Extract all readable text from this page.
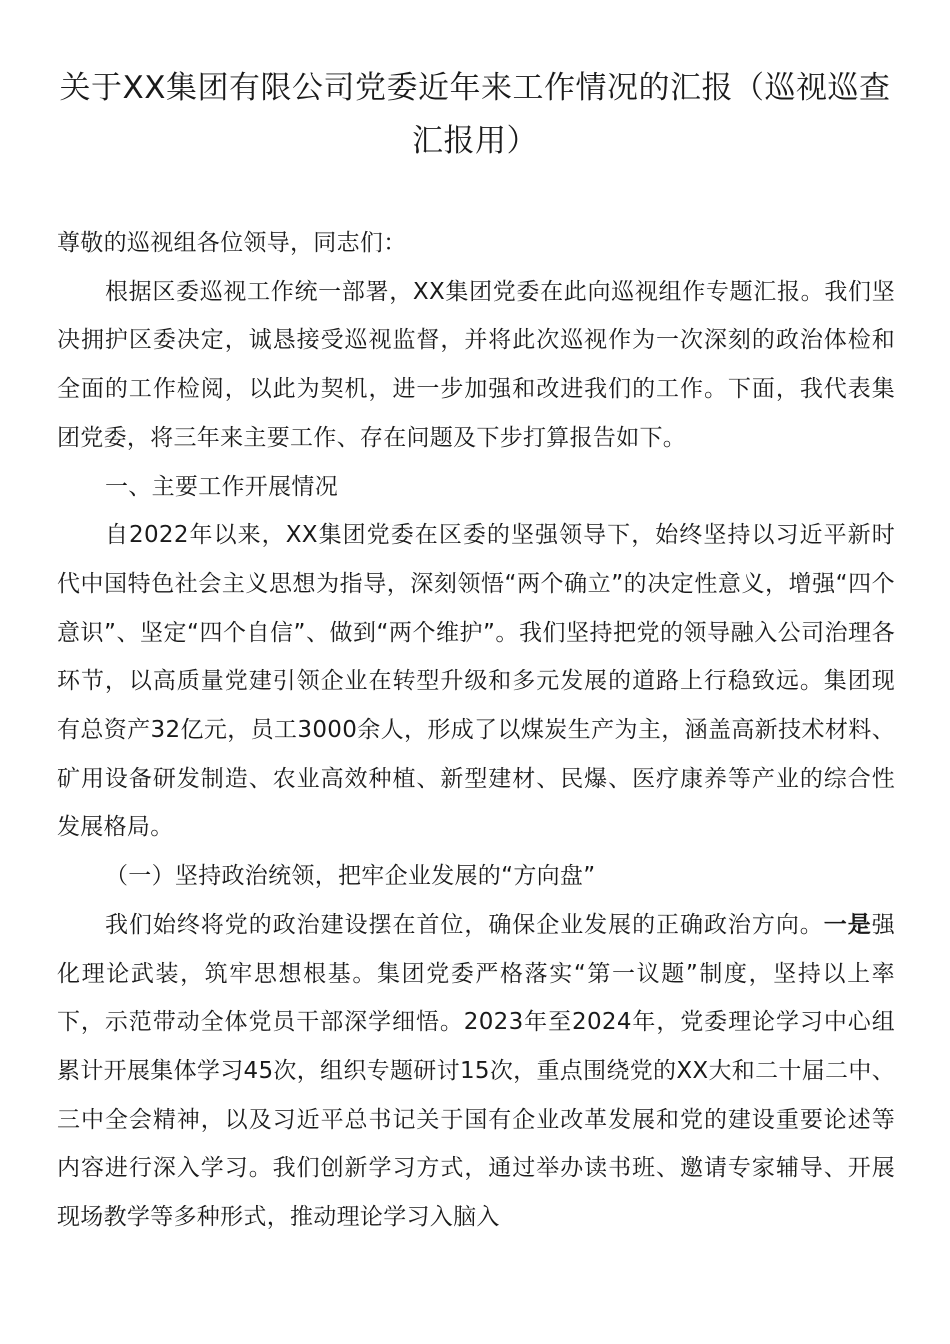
关于XX集团有限公司党委近年来工作情况的汇报（巡视巡查汇报用）

尊敬的巡视组各位领导，同志们：

根据区委巡视工作统一部署，XX集团党委在此向巡视组作专题汇报。我们坚决拥护区委决定，诚恳接受巡视监督，并将此次巡视作为一次深刻的政治体检和全面的工作检阅，以此为契机，进一步加强和改进我们的工作。下面，我代表集团党委，将三年来主要工作、存在问题及下步打算报告如下。

一、主要工作开展情况

自2022年以来，XX集团党委在区委的坚强领导下，始终坚持以习近平新时代中国特色社会主义思想为指导，深刻领悟“两个确立”的决定性意义，增强“四个意识”、坚定“四个自信”、做到“两个维护”。我们坚持把党的领导融入公司治理各环节，以高质量党建引领企业在转型升级和多元发展的道路上行稳致远。集团现有总资产32亿元，员工3000余人，形成了以煤炭生产为主，涵盖高新技术材料、矿用设备研发制造、农业高效种植、新型建材、民爆、医疗康养等产业的综合性发展格局。

（一）坚持政治统领，把牢企业发展的“方向盘”

我们始终将党的政治建设摆在首位，确保企业发展的正确政治方向。一是强化理论武装，筑牢思想根基。集团党委严格落实“第一议题”制度，坚持以上率下，示范带动全体党员干部深学细悟。2023年至2024年，党委理论学习中心组累计开展集体学习45次，组织专题研讨15次，重点围绕党的XX大和二十届二中、三中全会精神，以及习近平总书记关于国有企业改革发展和党的建设重要论述等内容进行深入学习。我们创新学习方式，通过举办读书班、邀请专家辅导、开展现场教学等多种形式，推动理论学习入脑入
